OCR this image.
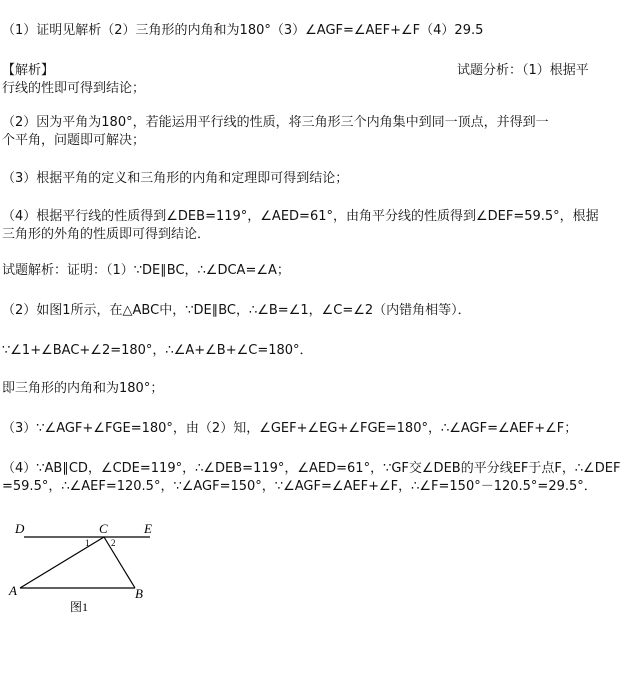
（1）证明见解析（2）三角形的内角和为180°（3）∠AGF=∠AEF+∠F（4）29.5
【解析】	试题分析：（1）根据平
行线的性即可得到结论；
（2）因为平角为180°，若能运用平行线的性质，将三角形三个内角集中到同一顶点，并得到一
个平角，问题即可解决；
（3）根据平角的定义和三角形的内角和定理即可得到结论；
（4）根据平行线的性质得到∠DEB=119°，∠AED=61°，由角平分线的性质得到∠DEF=59.5°，根据
三角形的外角的性质即可得到结论．
试题解析：证明：（1）∵DE∥BC，∴∠DCA=∠A；
（2）如图1所示，在△ABC中，∵DE∥BC，∴∠B=∠1，∠C=∠2（内错角相等）．
∵∠1+∠BAC+∠2=180°，∴∠A+∠B+∠C=180°．
即三角形的内角和为180°；
（3）∵∠AGF+∠FGE=180°，由（2）知，∠GEF+∠EG+∠FGE=180°，∴∠AGF=∠AEF+∠F；
（4）∵AB∥CD，∠CDE=119°，∴∠DEB=119°，∠AED=61°，∵GF交∠DEB的平分线EF于点F，∴∠DEF
=59.5°，∴∠AEF=120.5°，∵∠AGF=150°，∵∠AGF=∠AEF+∠F，∴∠F=150°－120.5°=29.5°．
D	C	E
1 2
A	B
图1
